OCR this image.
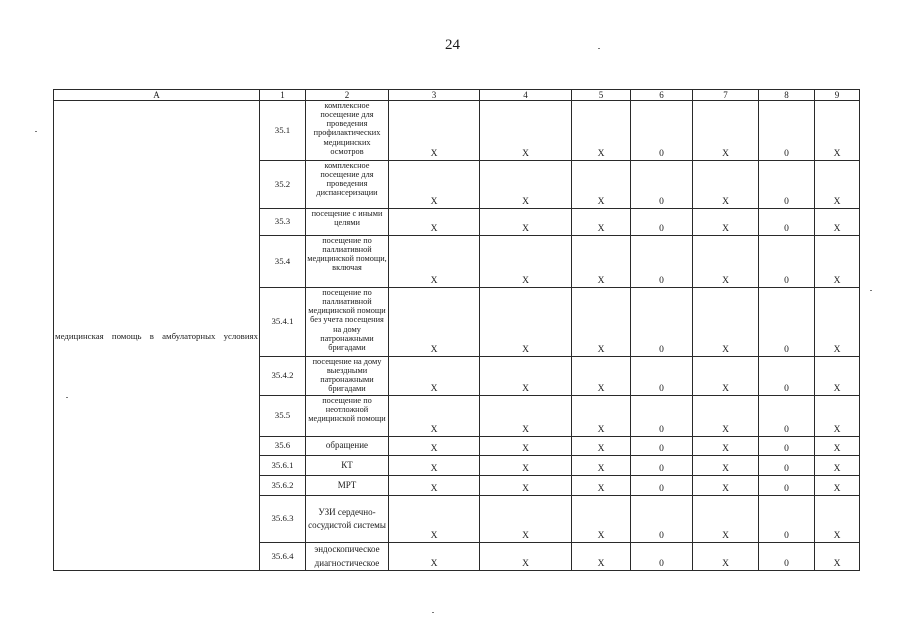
24
А	1	2	3	4	5	6	7	8	9
медицинская помощь в амбулаторных условиях	35.1	комплексное посещение для проведения профилактических медицинских осмотров	Х	Х	Х	0	Х	0	Х
	35.2	комплексное посещение для проведения диспансеризации	Х	Х	Х	0	Х	0	Х
	35.3	посещение с иными целями	Х	Х	Х	0	Х	0	Х
	35.4	посещение по паллиативной медицинской помощи, включая	Х	Х	Х	0	Х	0	Х
	35.4.1	посещение по паллиативной медицинской помощи без учета посещения на дому патронажными бригадами	Х	Х	Х	0	Х	0	Х
	35.4.2	посещение на дому выездными патронажными бригадами	Х	Х	Х	0	Х	0	Х
	35.5	посещение по неотложной медицинской помощи	Х	Х	Х	0	Х	0	Х
	35.6	обращение	Х	Х	Х	0	Х	0	Х
	35.6.1	КТ	Х	Х	Х	0	Х	0	Х
	35.6.2	МРТ	Х	Х	Х	0	Х	0	Х
	35.6.3	УЗИ сердечно-сосудистой системы	Х	Х	Х	0	Х	0	Х
	35.6.4	эндоскопическое диагностическое	Х	Х	Х	0	Х	0	Х
